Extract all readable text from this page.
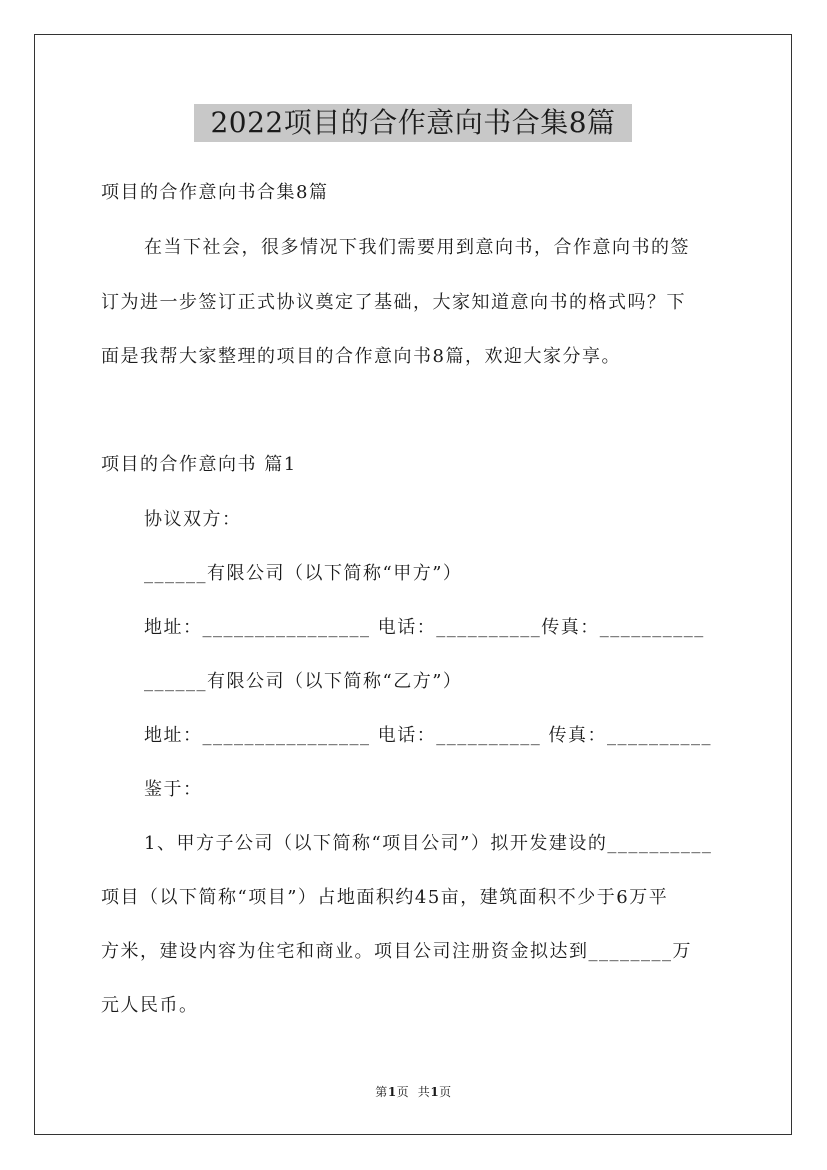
2022项目的合作意向书合集8篇
项目的合作意向书合集8篇
在当下社会，很多情况下我们需要用到意向书，合作意向书的签
订为进一步签订正式协议奠定了基础，大家知道意向书的格式吗？下
面是我帮大家整理的项目的合作意向书8篇，欢迎大家分享。
项目的合作意向书 篇1
协议双方：
______有限公司（以下简称“甲方”）
地址：________________ 电话：__________传真：__________
______有限公司（以下简称“乙方”）
地址：________________ 电话：__________ 传真：__________
鉴于：
1、甲方子公司（以下简称“项目公司”）拟开发建设的__________
项目（以下简称“项目”）占地面积约45亩，建筑面积不少于6万平
方米，建设内容为住宅和商业。项目公司注册资金拟达到________万
元人民币。
第1页  共1页
